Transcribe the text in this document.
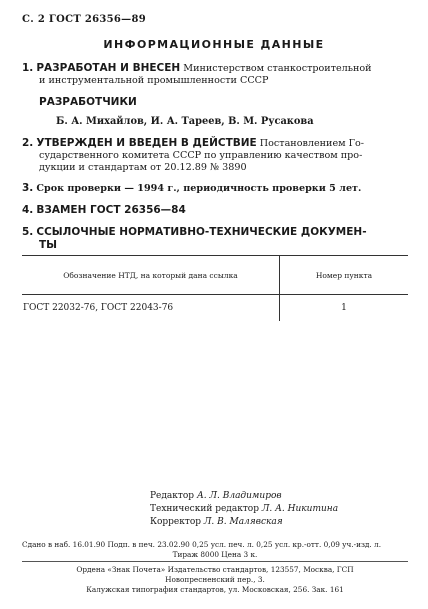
С. 2 ГОСТ 26356—89
ИНФОРМАЦИОННЫЕ ДАННЫЕ
1. РАЗРАБОТАН И ВНЕСЕН Министерством станкостроительной
и инструментальной промышленности СССР
РАЗРАБОТЧИКИ
Б. А. Михайлов, И. А. Тареев, В. М. Русакова
2. УТВЕРЖДЕН И ВВЕДЕН В ДЕЙСТВИЕ Постановлением Го-
сударственного комитета СССР по управлению качеством про-
дукции и стандартам от 20.12.89 № 3890
3. Срок проверки — 1994 г., периодичность проверки 5 лет.
4. ВЗАМЕН ГОСТ 26356—84
5. ССЫЛОЧНЫЕ НОРМАТИВНО-ТЕХНИЧЕСКИЕ ДОКУМЕН-
ТЫ
Обозначение НТД, на который дана ссылка	Номер пункта
ГОСТ 22032-76, ГОСТ 22043-76	1
Редактор А. Л. Владимиров
Технический редактор Л. А. Никитина
Корректор Л. В. Малявская
Сдано в наб. 16.01.90 Подп. в печ. 23.02.90 0,25 усл. печ. л. 0,25 усл. кр.-отт. 0,09 уч.-изд. л.
Тираж 8000 Цена 3 к.
Ордена «Знак Почета» Издательство стандартов, 123557, Москва, ГСП
Новопресненский пер., 3.
Калужская типография стандартов, ул. Московская, 256. Зак. 161
